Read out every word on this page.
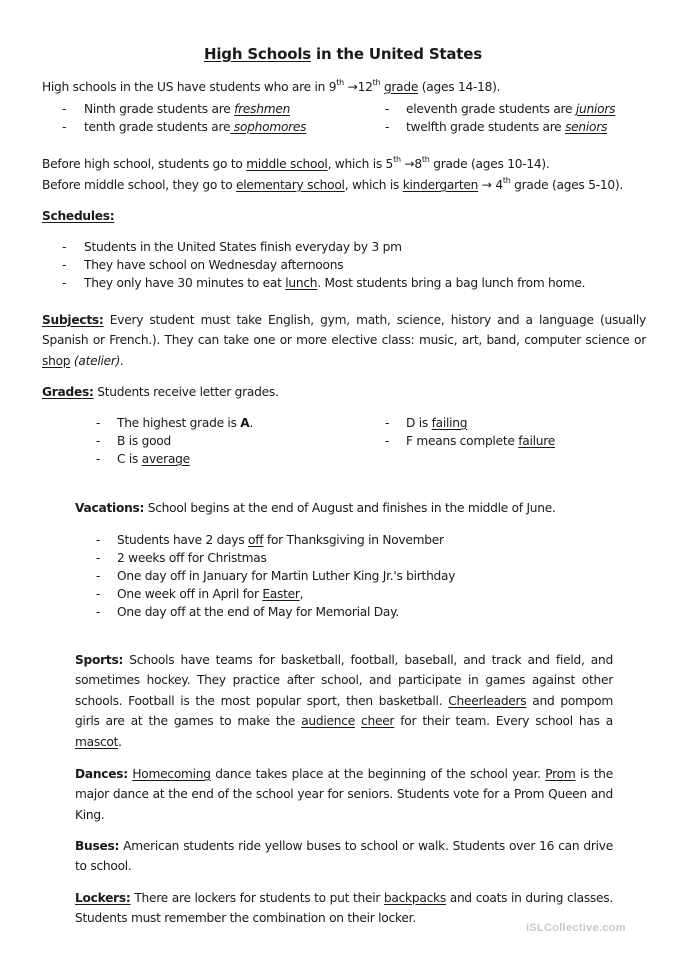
High Schools in the United States
High schools in the US have students who are in 9th →12th grade (ages 14-18).
- Ninth grade students are freshmen
- tenth grade students are sophomores
- eleventh grade students are juniors
- twelfth grade students are seniors
Before high school, students go to middle school, which is 5th →8th grade (ages 10-14).
Before middle school, they go to elementary school, which is kindergarten → 4th grade (ages 5-10).
Schedules:
- Students in the United States finish everyday by 3 pm
- They have school on Wednesday afternoons
- They only have 30 minutes to eat lunch. Most students bring a bag lunch from home.
Subjects: Every student must take English, gym, math, science, history and a language (usually Spanish or French.). They can take one or more elective class: music, art, band, computer science or shop (atelier).
Grades: Students receive letter grades.
- The highest grade is A.
- B is good
- C is average
- D is failing
- F means complete failure
Vacations: School begins at the end of August and finishes in the middle of June.
- Students have 2 days off for Thanksgiving in November
- 2 weeks off for Christmas
- One day off in January for Martin Luther King Jr.'s birthday
- One week off in April for Easter,
- One day off at the end of May for Memorial Day.
Sports: Schools have teams for basketball, football, baseball, and track and field, and sometimes hockey. They practice after school, and participate in games against other schools. Football is the most popular sport, then basketball. Cheerleaders and pompom girls are at the games to make the audience cheer for their team. Every school has a mascot.
Dances: Homecoming dance takes place at the beginning of the school year. Prom is the major dance at the end of the school year for seniors. Students vote for a Prom Queen and King.
Buses: American students ride yellow buses to school or walk. Students over 16 can drive to school.
Lockers: There are lockers for students to put their backpacks and coats in during classes. Students must remember the combination on their locker.
iSLCollective.com
